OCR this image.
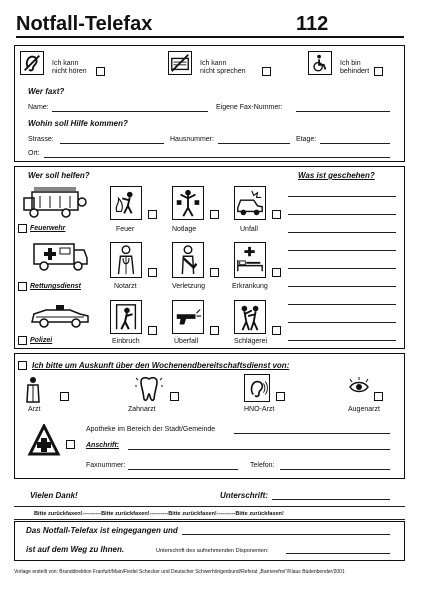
Notfall-Telefax	112
Ich kann
nicht hören
Ich kann
nicht sprechen
Ich bin
behindert
Wer faxt?
Name:	Eigene Fax-Nummer:
Wohin soll Hilfe kommen?
Strasse:	Hausnummer:	Etage:
Ort:
Wer soll helfen?	Was ist geschehen?
Feuerwehr	Feuer	Notlage	Unfall
Rettungsdienst	Notarzt	Verletzung	Erkrankung
Polizei	Einbruch	Überfall	Schlägerei
Ich bitte um Auskunft über den Wochenendbereitschaftsdienst von:
Arzt	Zahnarzt	HNO-Arzt	Augenarzt
Apotheke im Bereich der Stadt/Gemeinde
Anschrift:
Faxnummer:	Telefon:
Vielen Dank!	Unterschrift:
Bitte zurückfaxen!----------Bitte zurückfaxen!----------Bitte zurückfaxen!----------Bitte zurückfaxen!
Das Notfall-Telefax ist eingegangen und
ist auf dem Weg zu Ihnen.	Unterschrift des aufnehmenden Disponenten:
Vorlage erstellt von: Branddirektion Franfurt/Main/Fiedel Schecker und Deutscher Schwerhörigenbund/Referat „Barrierefrei“/Klaus Büdenbender/2001
